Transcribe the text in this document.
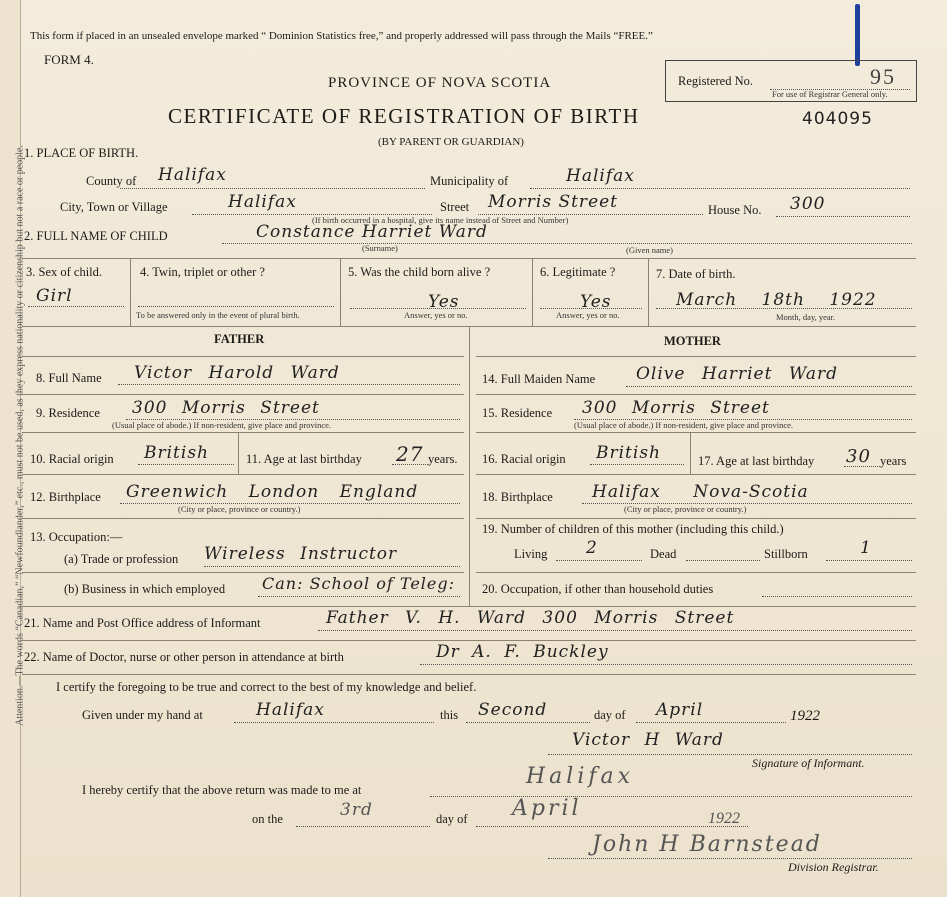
Attention.—The words “Canadian,” “Newfoundlander,” etc., must not be used, as they express nationality or citizenship but not a race or people.
This form if placed in an unsealed envelope marked “ Dominion Statistics free,” and properly addressed will pass through the Mails “FREE.”
FORM 4.
PROVINCE OF NOVA SCOTIA
CERTIFICATE OF REGISTRATION OF BIRTH
(BY PARENT OR GUARDIAN)
404095
Registered No.	95
For use of Registrar General only.
1. PLACE OF BIRTH.
County of Halifax	Municipality of	Halifax
City, Town or Village	Halifax	Street Morris Street	House No. 300
(If birth occurred in a hospital, give its name instead of Street and Number)
2. FULL NAME OF CHILD	Constance Harriet Ward
(Surname)	(Given name)
3. Sex of child.
Girl
4. Twin, triplet or other ?
To be answered only in the event of plural birth.
5. Was the child born alive ?
Yes
Answer, yes or no.
6. Legitimate ?
Yes
Answer, yes or no.
7. Date of birth.
March 18th 1922
Month, day, year.
FATHER	MOTHER
8. Full Name Victor Harold Ward
9. Residence 300 Morris Street
(Usual place of abode.) If non-resident, give place and province.
10. Racial origin British	11. Age at last birthday 27 years.
12. Birthplace Greenwich London England
(City or place, province or country.)
13. Occupation:—
(a) Trade or profession Wireless Instructor
(b) Business in which employed Can: School of Teleg:
14. Full Maiden Name Olive Harriet Ward
15. Residence 300 Morris Street
(Usual place of abode.) If non-resident, give place and province.
16. Racial origin British	17. Age at last birthday 30 years
18. Birthplace Halifax Nova-Scotia
(City or place, province or country.)
19. Number of children of this mother (including this child.)
Living 2	Dead	Stillborn	1
20. Occupation, if other than household duties
21. Name and Post Office address of Informant	Father V. H. Ward 300 Morris Street
22. Name of Doctor, nurse or other person in attendance at birth	Dr A. F. Buckley
I certify the foregoing to be true and correct to the best of my knowledge and belief.
Given under my hand at	Halifax	this Second	day of April	1922
Victor H Ward
Signature of Informant.
I hereby certify that the above return was made to me at
Halifax
on the	3rd	day of April	1922
John H Barnstead
Division Registrar.
